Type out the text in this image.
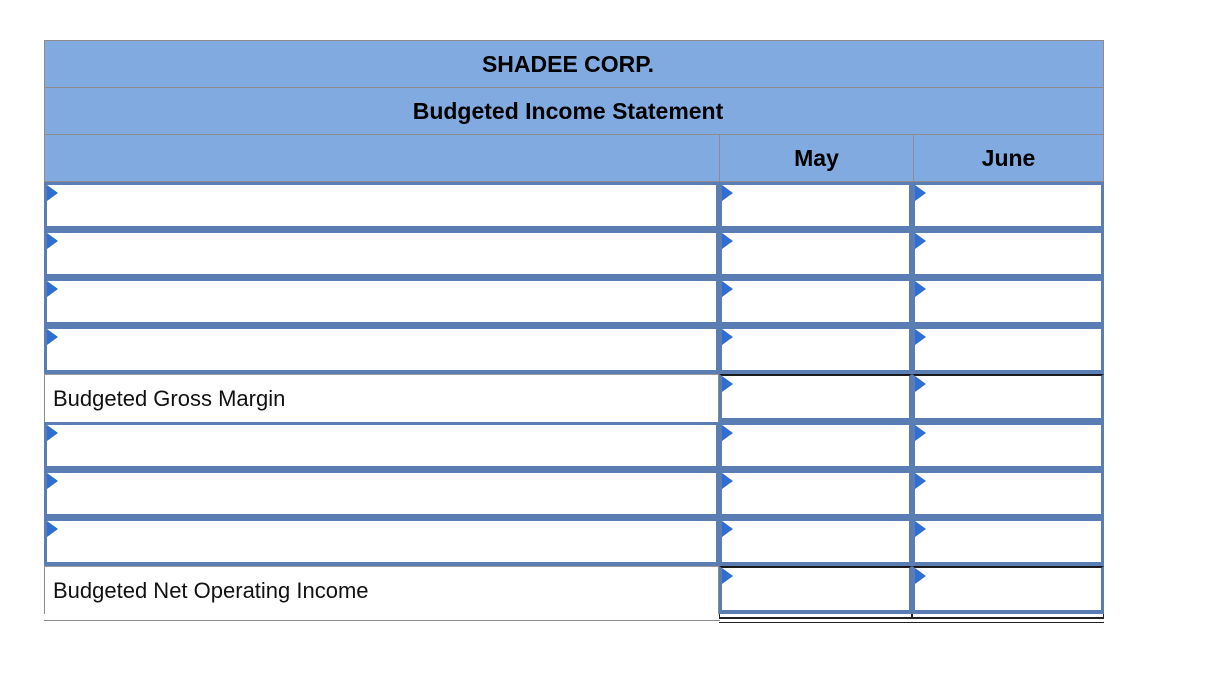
SHADEE CORP.
Budgeted Income Statement
May	June
Budgeted Gross Margin
Budgeted Net Operating Income
